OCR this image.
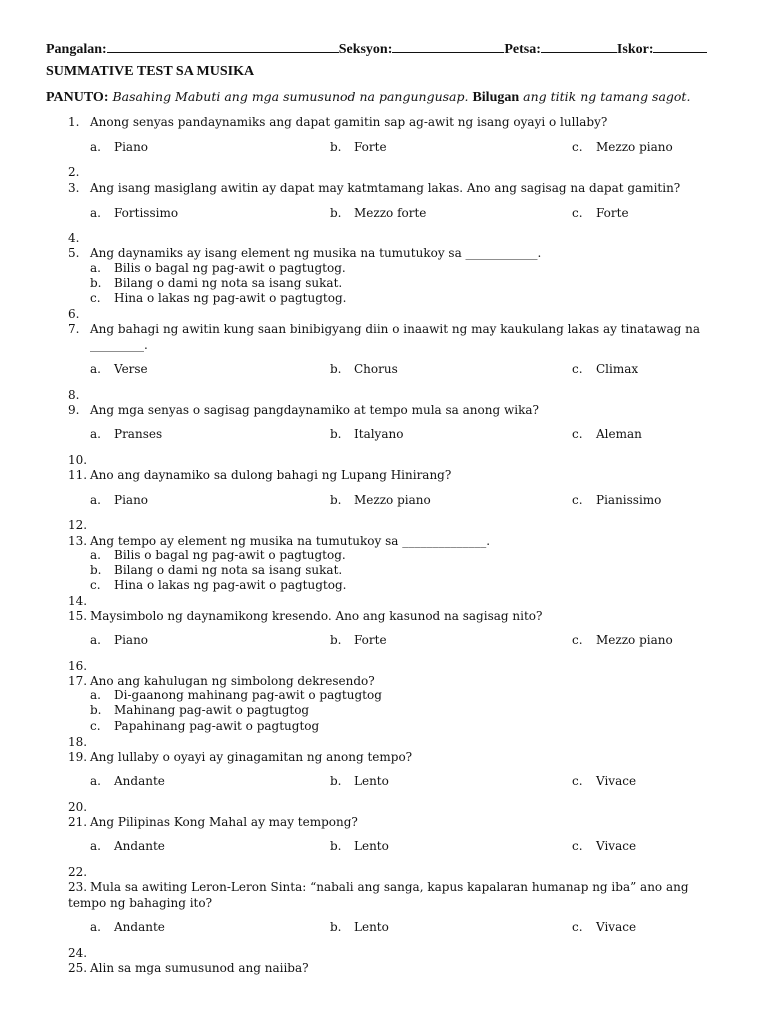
Pangalan:	Seksyon:	Petsa:	Iskor:
SUMMATIVE TEST SA MUSIKA
PANUTO: Basahing Mabuti ang mga sumusunod na pangungusap. Bilugan ang titik ng tamang sagot.
1. Anong senyas pandaynamiks ang dapat gamitin sap ag-awit ng isang oyayi o lullaby?
a. Piano	b. Forte	c. Mezzo piano
2.
3. Ang isang masiglang awitin ay dapat may katmtamang lakas. Ano ang sagisag na dapat gamitin?
a. Fortissimo	b. Mezzo forte	c. Forte
4.
5. Ang daynamiks ay isang element ng musika na tumutukoy sa ____________.
a. Bilis o bagal ng pag-awit o pagtugtog.
b. Bilang o dami ng nota sa isang sukat.
c. Hina o lakas ng pag-awit o pagtugtog.
6.
7. Ang bahagi ng awitin kung saan binibigyang diin o inaawit ng may kaukulang lakas ay tinatawag na
_________.
a. Verse	b. Chorus	c. Climax
8.
9. Ang mga senyas o sagisag pangdaynamiko at tempo mula sa anong wika?
a. Pranses	b. Italyano	c. Aleman
10.
11. Ano ang daynamiko sa dulong bahagi ng Lupang Hinirang?
a. Piano	b. Mezzo piano	c. Pianissimo
12.
13. Ang tempo ay element ng musika na tumutukoy sa ______________.
a. Bilis o bagal ng pag-awit o pagtugtog.
b. Bilang o dami ng nota sa isang sukat.
c. Hina o lakas ng pag-awit o pagtugtog.
14.
15. Maysimbolo ng daynamikong kresendo. Ano ang kasunod na sagisag nito?
a. Piano	b. Forte	c. Mezzo piano
16.
17. Ano ang kahulugan ng simbolong dekresendo?
a. Di-gaanong mahinang pag-awit o pagtugtog
b. Mahinang pag-awit o pagtugtog
c. Papahinang pag-awit o pagtugtog
18.
19. Ang lullaby o oyayi ay ginagamitan ng anong tempo?
a. Andante	b. Lento	c. Vivace
20.
21. Ang Pilipinas Kong Mahal ay may tempong?
a. Andante	b. Lento	c. Vivace
22.
23. Mula sa awiting Leron-Leron Sinta: “nabali ang sanga, kapus kapalaran humanap ng iba” ano ang tempo ng bahaging ito?
a. Andante	b. Lento	c. Vivace
24.
25. Alin sa mga sumusunod ang naiiba?
